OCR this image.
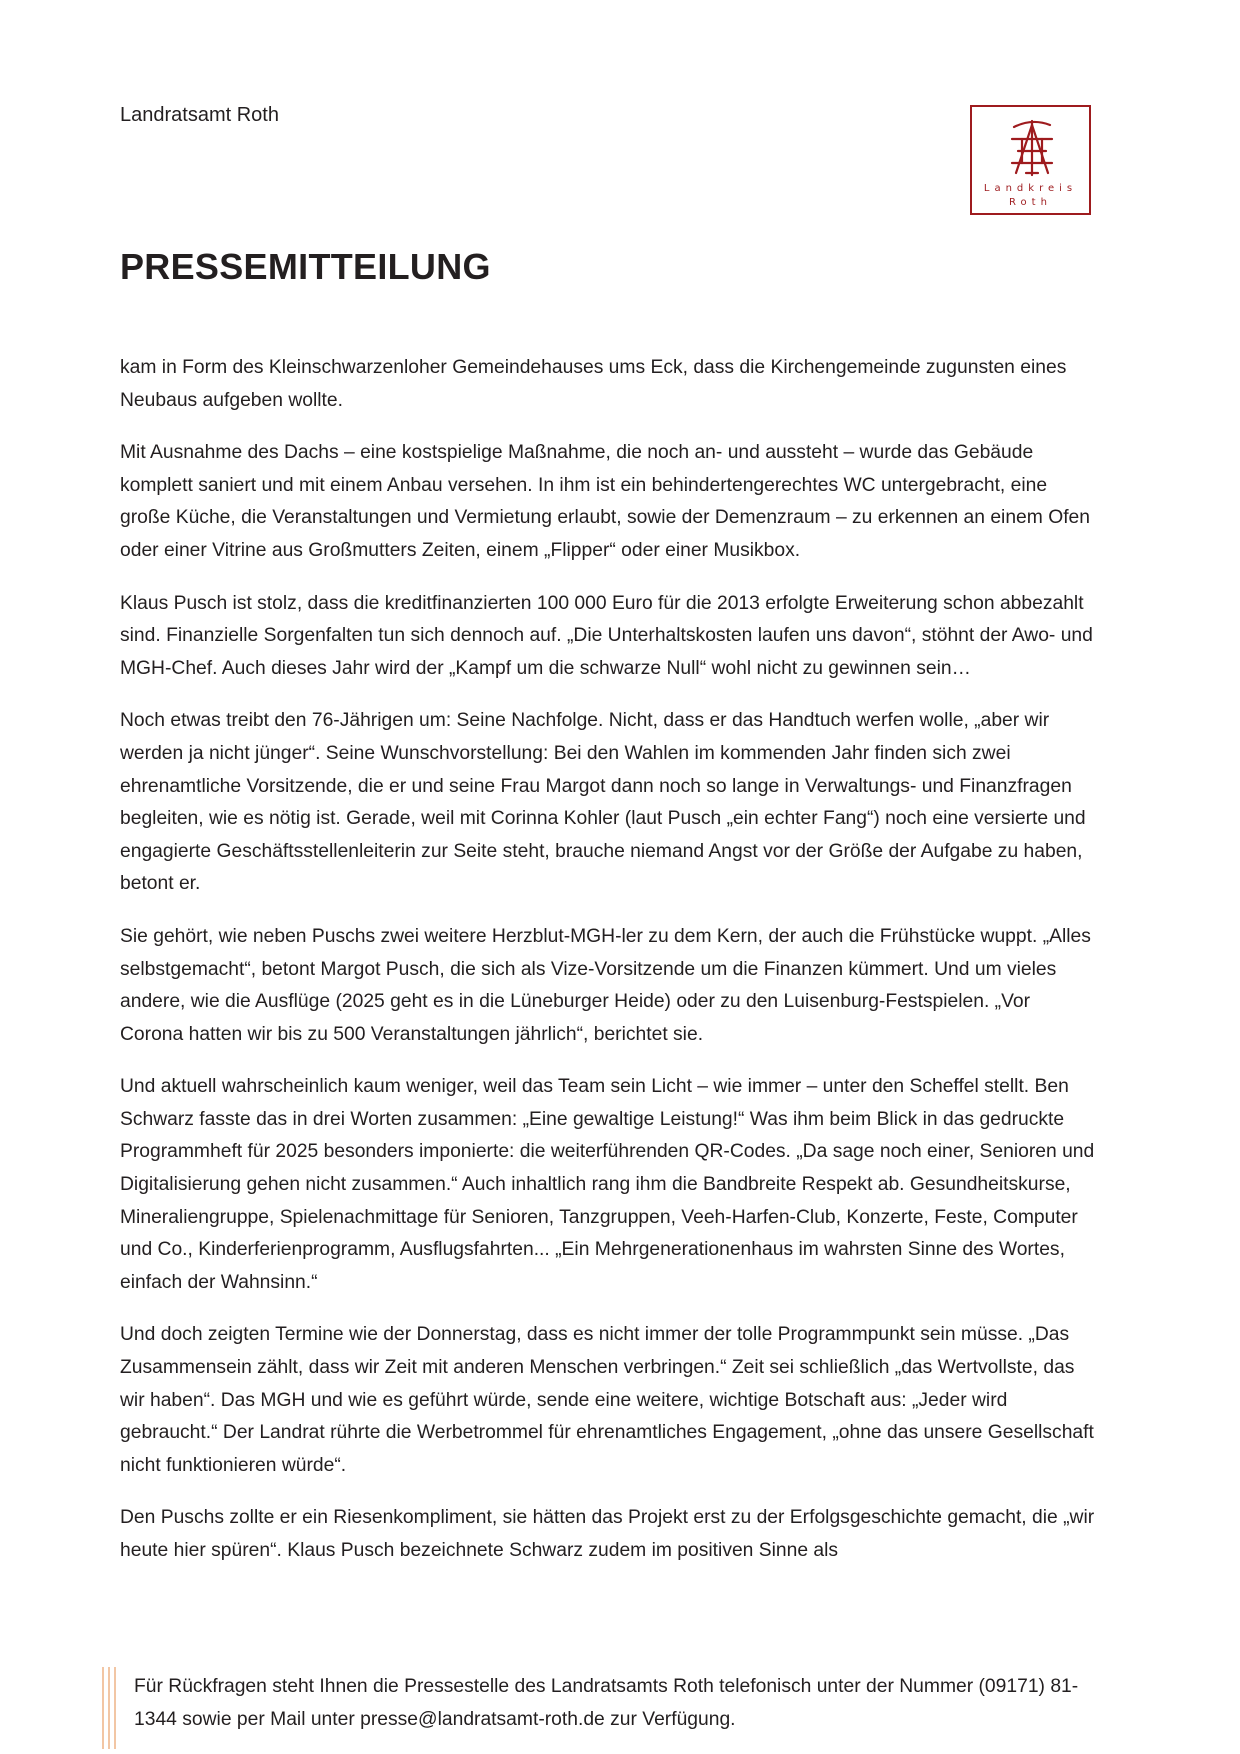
Landratsamt Roth
Landkreis
Roth
PRESSEMITTEILUNG

kam in Form des Kleinschwarzenloher Gemeindehauses ums Eck, dass die Kirchengemeinde zugunsten eines Neubaus aufgeben wollte.

Mit Ausnahme des Dachs – eine kostspielige Maßnahme, die noch an- und aussteht – wurde das Gebäude komplett saniert und mit einem Anbau versehen. In ihm ist ein behindertengerechtes WC untergebracht, eine große Küche, die Veranstaltungen und Vermietung erlaubt, sowie der Demenzraum – zu erkennen an einem Ofen oder einer Vitrine aus Großmutters Zeiten, einem „Flipper“ oder einer Musikbox.

Klaus Pusch ist stolz, dass die kreditfinanzierten 100 000 Euro für die 2013 erfolgte Erweiterung schon abbezahlt sind. Finanzielle Sorgenfalten tun sich dennoch auf. „Die Unterhaltskosten laufen uns davon“, stöhnt der Awo- und MGH-Chef. Auch dieses Jahr wird der „Kampf um die schwarze Null“ wohl nicht zu gewinnen sein…

Noch etwas treibt den 76-Jährigen um: Seine Nachfolge. Nicht, dass er das Handtuch werfen wolle, „aber wir werden ja nicht jünger“. Seine Wunschvorstellung: Bei den Wahlen im kommenden Jahr finden sich zwei ehrenamtliche Vorsitzende, die er und seine Frau Margot dann noch so lange in Verwaltungs- und Finanzfragen begleiten, wie es nötig ist. Gerade, weil mit Corinna Kohler (laut Pusch „ein echter Fang“) noch eine versierte und engagierte Geschäftsstellenleiterin zur Seite steht, brauche niemand Angst vor der Größe der Aufgabe zu haben, betont er.

Sie gehört, wie neben Puschs zwei weitere Herzblut-MGH-ler zu dem Kern, der auch die Frühstücke wuppt. „Alles selbstgemacht“, betont Margot Pusch, die sich als Vize-Vorsitzende um die Finanzen kümmert. Und um vieles andere, wie die Ausflüge (2025 geht es in die Lüneburger Heide) oder zu den Luisenburg-Festspielen. „Vor Corona hatten wir bis zu 500 Veranstaltungen jährlich“, berichtet sie.

Und aktuell wahrscheinlich kaum weniger, weil das Team sein Licht – wie immer – unter den Scheffel stellt. Ben Schwarz fasste das in drei Worten zusammen: „Eine gewaltige Leistung!“ Was ihm beim Blick in das gedruckte Programmheft für 2025 besonders imponierte: die weiterführenden QR-Codes. „Da sage noch einer, Senioren und Digitalisierung gehen nicht zusammen.“ Auch inhaltlich rang ihm die Bandbreite Respekt ab. Gesundheitskurse, Mineraliengruppe, Spielenachmittage für Senioren, Tanzgruppen, Veeh-Harfen-Club, Konzerte, Feste, Computer und Co., Kinderferienprogramm, Ausflugsfahrten... „Ein Mehrgenerationenhaus im wahrsten Sinne des Wortes, einfach der Wahnsinn.“

Und doch zeigten Termine wie der Donnerstag, dass es nicht immer der tolle Programmpunkt sein müsse. „Das Zusammensein zählt, dass wir Zeit mit anderen Menschen verbringen.“ Zeit sei schließlich „das Wertvollste, das wir haben“. Das MGH und wie es geführt würde, sende eine weitere, wichtige Botschaft aus: „Jeder wird gebraucht.“ Der Landrat rührte die Werbetrommel für ehrenamtliches Engagement, „ohne das unsere Gesellschaft nicht funktionieren würde“.

Den Puschs zollte er ein Riesenkompliment, sie hätten das Projekt erst zu der Erfolgsgeschichte gemacht, die „wir heute hier spüren“. Klaus Pusch bezeichnete Schwarz zudem im positiven Sinne als

Für Rückfragen steht Ihnen die Pressestelle des Landratsamts Roth telefonisch unter der Nummer (09171) 81-1344 sowie per Mail unter presse@landratsamt-roth.de zur Verfügung.
